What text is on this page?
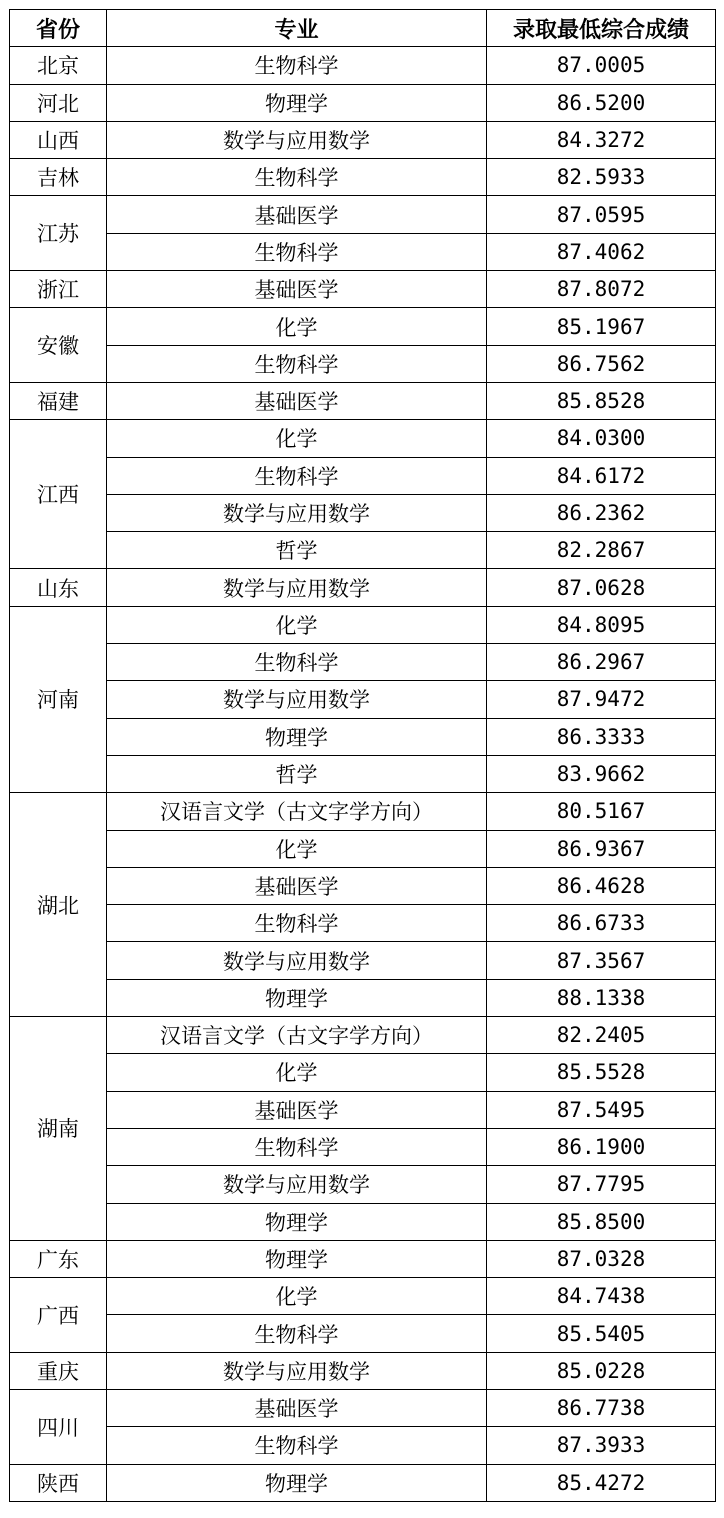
省份	专业	录取最低综合成绩
北京	生物科学	87.0005
河北	物理学	86.5200
山西	数学与应用数学	84.3272
吉林	生物科学	82.5933
江苏	基础医学	87.0595
	生物科学	87.4062
浙江	基础医学	87.8072
安徽	化学	85.1967
	生物科学	86.7562
福建	基础医学	85.8528
江西	化学	84.0300
	生物科学	84.6172
	数学与应用数学	86.2362
	哲学	82.2867
山东	数学与应用数学	87.0628
河南	化学	84.8095
	生物科学	86.2967
	数学与应用数学	87.9472
	物理学	86.3333
	哲学	83.9662
湖北	汉语言文学（古文字学方向）	80.5167
	化学	86.9367
	基础医学	86.4628
	生物科学	86.6733
	数学与应用数学	87.3567
	物理学	88.1338
湖南	汉语言文学（古文字学方向）	82.2405
	化学	85.5528
	基础医学	87.5495
	生物科学	86.1900
	数学与应用数学	87.7795
	物理学	85.8500
广东	物理学	87.0328
广西	化学	84.7438
	生物科学	85.5405
重庆	数学与应用数学	85.0228
四川	基础医学	86.7738
	生物科学	87.3933
陕西	物理学	85.4272
